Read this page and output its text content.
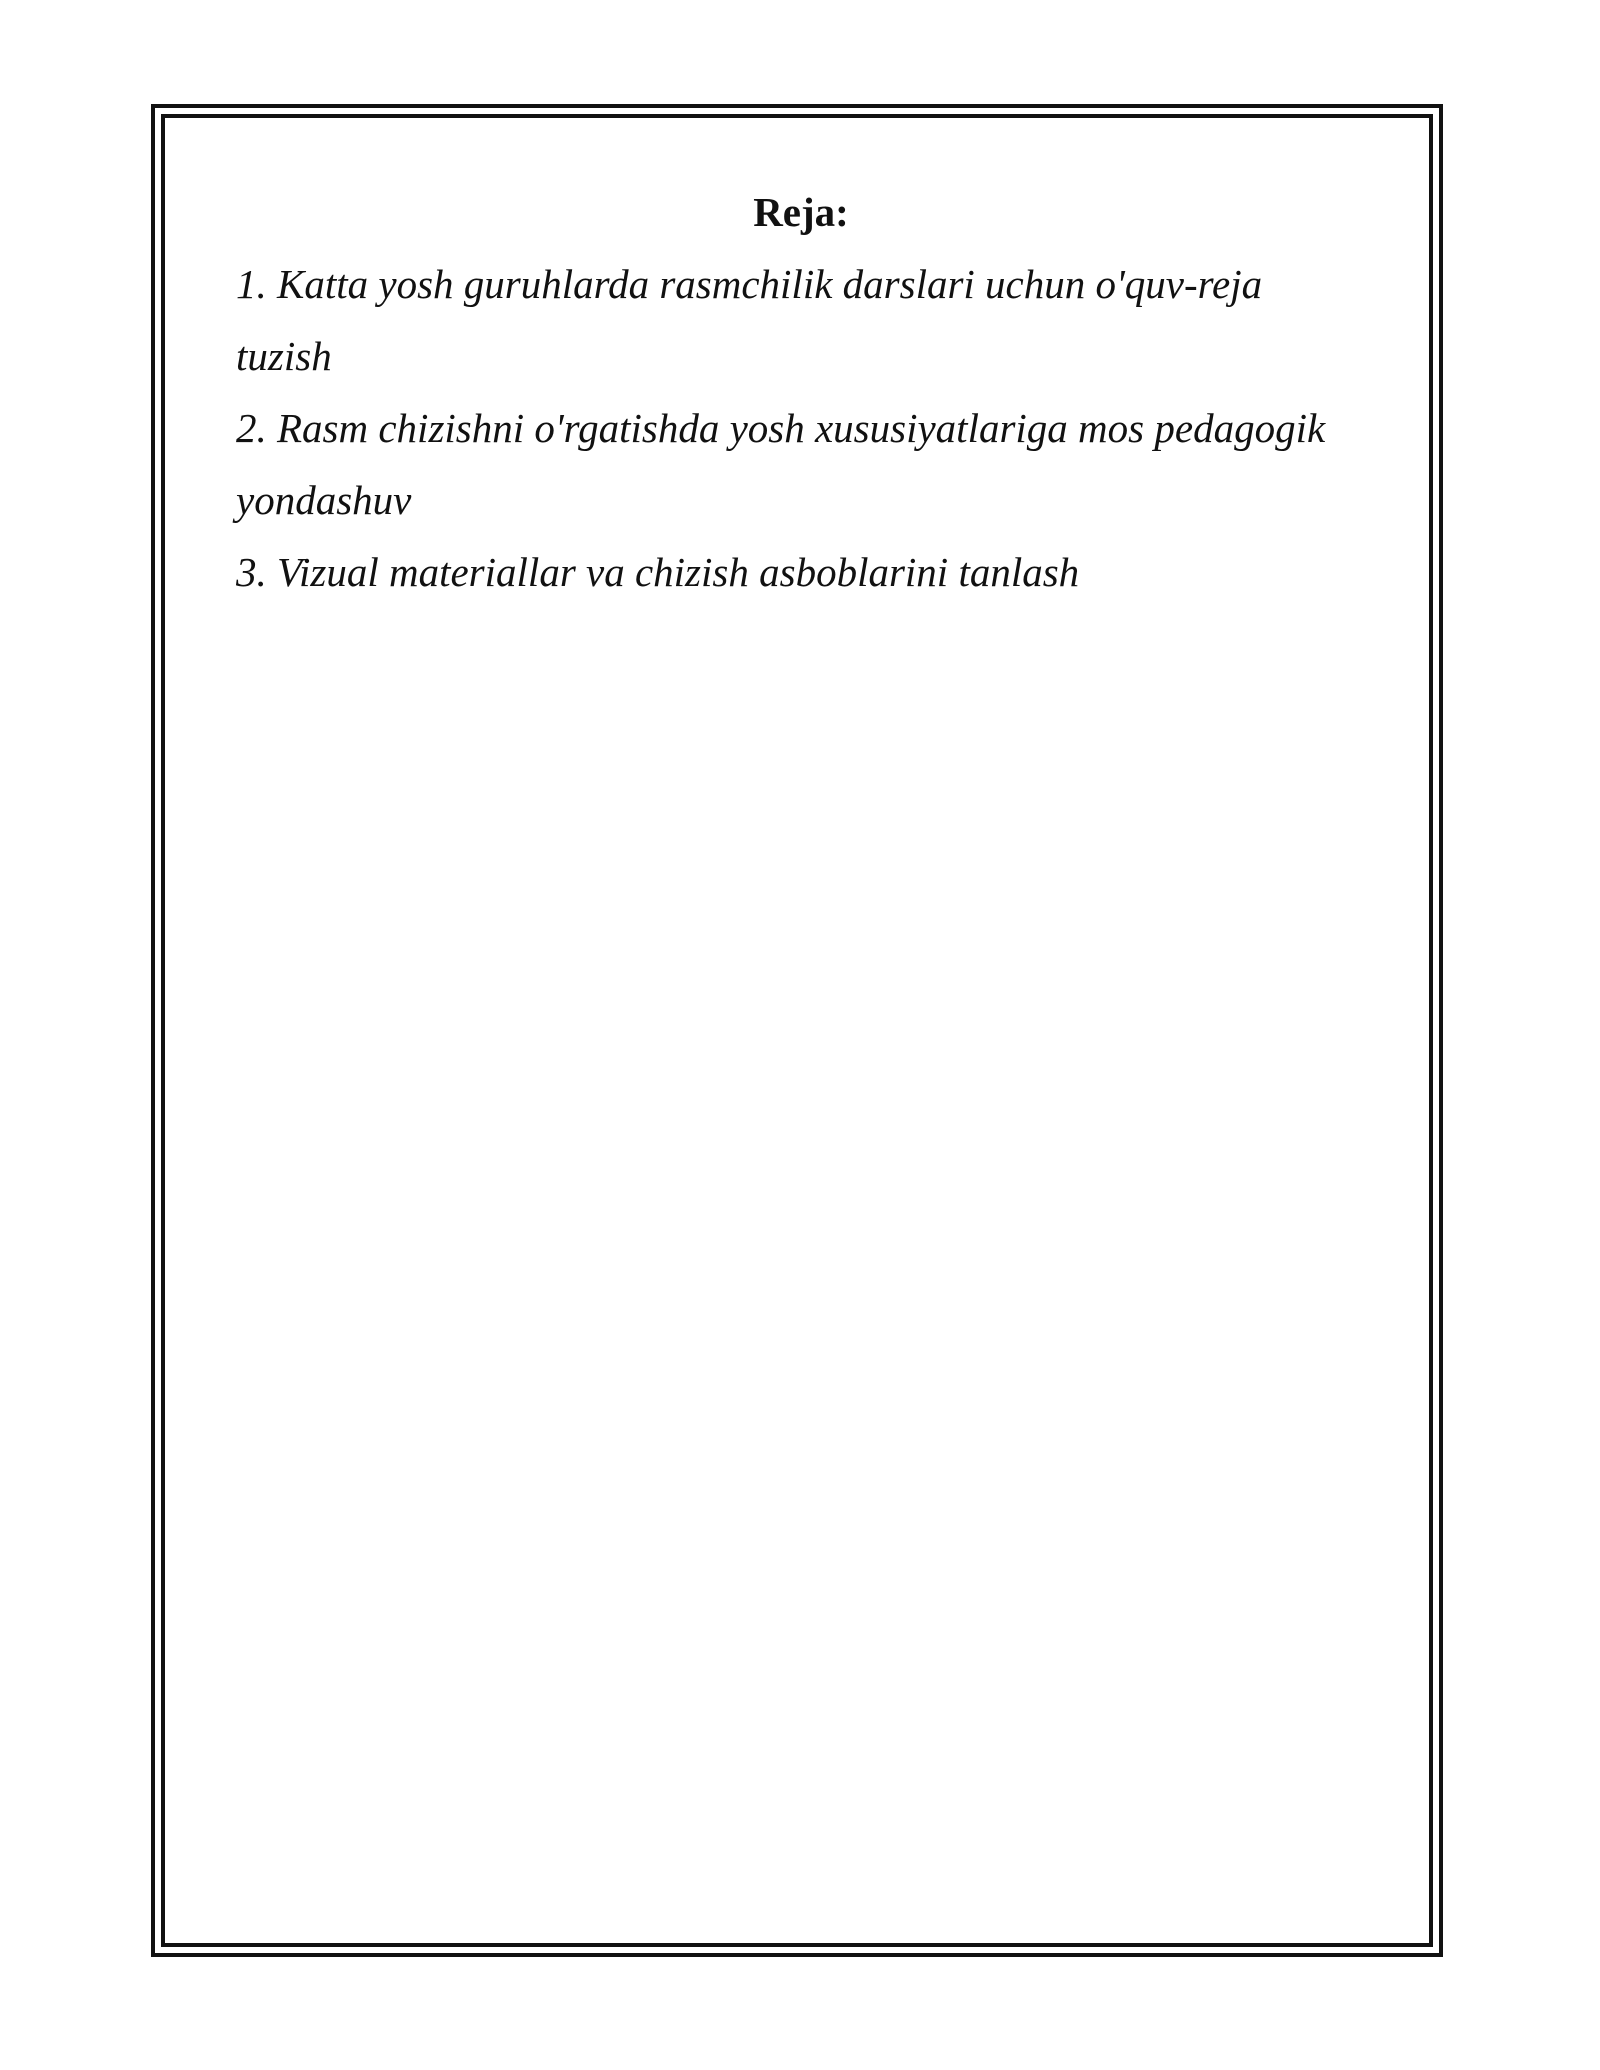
Reja:
1. Katta yosh guruhlarda rasmchilik darslari uchun o'quv-reja tuzish
2. Rasm chizishni o'rgatishda yosh xususiyatlariga mos pedagogik yondashuv
3. Vizual materiallar va chizish asboblarini tanlash
